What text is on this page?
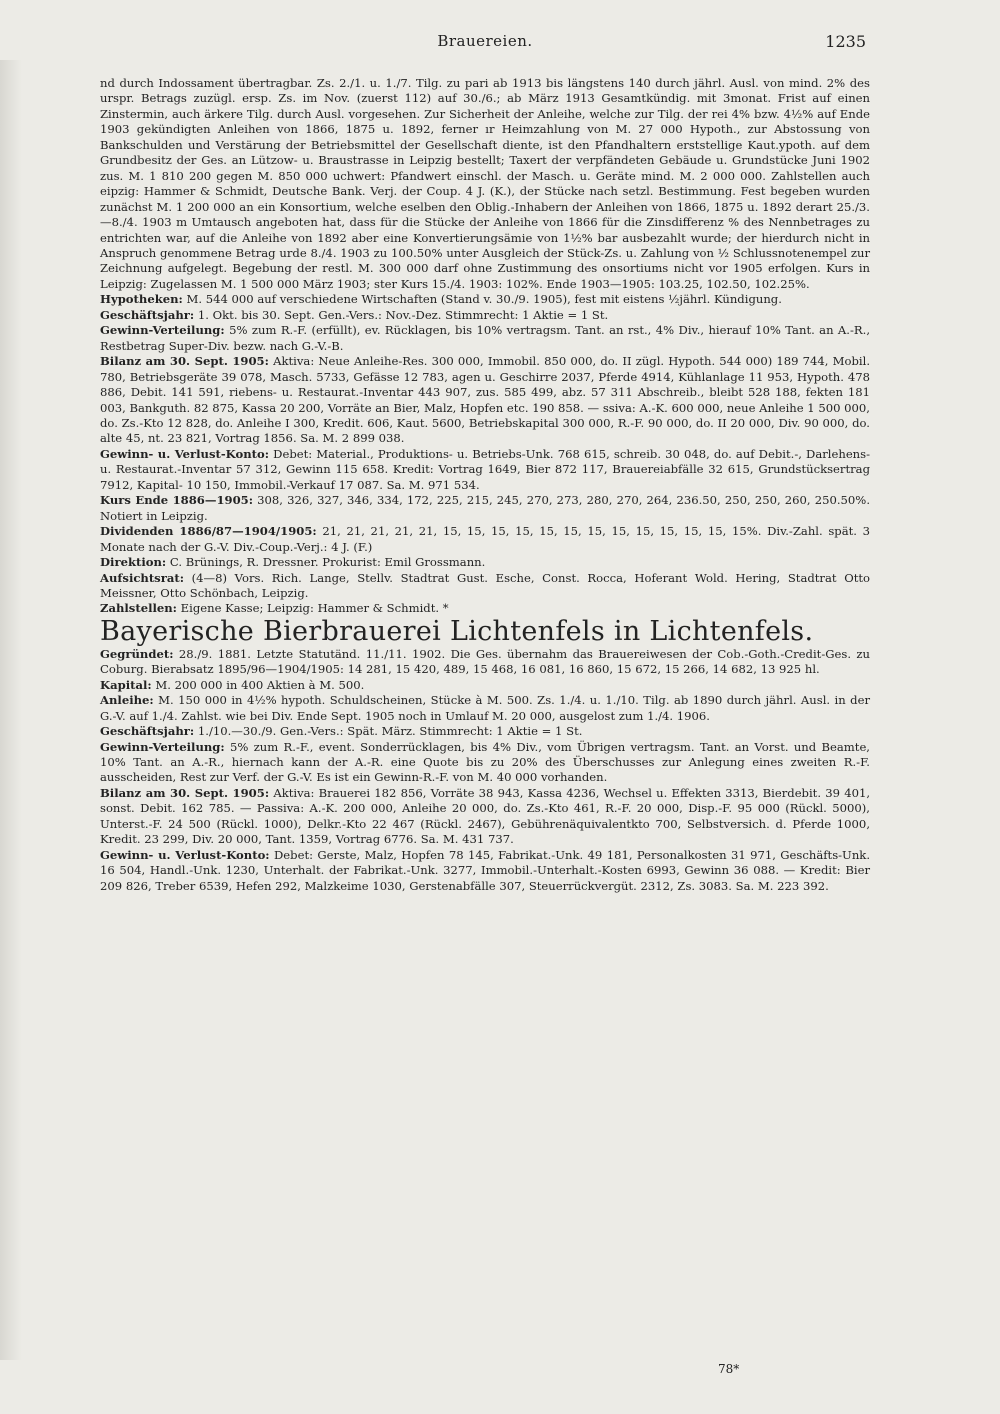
Brauereien.	1235

nd durch Indossament übertragbar. Zs. 2./1. u. 1./7. Tilg. zu pari ab 1913 bis längstens 140 durch jährl. Ausl. von mind. 2% des urspr. Betrags zuzügl. ersp. Zs. im Nov. (zuerst 112) auf 30./6.; ab März 1913 Gesamtkündig. mit 3monat. Frist auf einen Zinstermin, auch ärkere Tilg. durch Ausl. vorgesehen. Zur Sicherheit der Anleihe, welche zur Tilg. der rei 4% bzw. 4½% auf Ende 1903 gekündigten Anleihen von 1866, 1875 u. 1892, ferner ır Heimzahlung von M. 27 000 Hypoth., zur Abstossung von Bankschulden und Verstärung der Betriebsmittel der Gesellschaft diente, ist den Pfandhaltern erststellige Kaut.ypoth. auf dem Grundbesitz der Ges. an Lützow- u. Braustrasse in Leipzig bestellt; Taxert der verpfändeten Gebäude u. Grundstücke Juni 1902 zus. M. 1 810 200 gegen M. 850 000 uchwert: Pfandwert einschl. der Masch. u. Geräte mind. M. 2 000 000. Zahlstellen auch eipzig: Hammer & Schmidt, Deutsche Bank. Verj. der Coup. 4 J. (K.), der Stücke nach setzl. Bestimmung. Fest begeben wurden zunächst M. 1 200 000 an ein Konsortium, welche eselben den Oblig.-Inhabern der Anleihen von 1866, 1875 u. 1892 derart 25./3.—8./4. 1903 m Umtausch angeboten hat, dass für die Stücke der Anleihe von 1866 für die Zinsdifferenz % des Nennbetrages zu entrichten war, auf die Anleihe von 1892 aber eine Konvertierungsämie von 1½% bar ausbezahlt wurde; der hierdurch nicht in Anspruch genommene Betrag urde 8./4. 1903 zu 100.50% unter Ausgleich der Stück-Zs. u. Zahlung von ½ Schlussnotenempel zur Zeichnung aufgelegt. Begebung der restl. M. 300 000 darf ohne Zustimmung des onsortiums nicht vor 1905 erfolgen. Kurs in Leipzig: Zugelassen M. 1 500 000 März 1903; ster Kurs 15./4. 1903: 102%. Ende 1903—1905: 103.25, 102.50, 102.25%.

Hypotheken: M. 544 000 auf verschiedene Wirtschaften (Stand v. 30./9. 1905), fest mit eistens ½jährl. Kündigung.

Geschäftsjahr: 1. Okt. bis 30. Sept. Gen.-Vers.: Nov.-Dez. Stimmrecht: 1 Aktie = 1 St.

Gewinn-Verteilung: 5% zum R.-F. (erfüllt), ev. Rücklagen, bis 10% vertragsm. Tant. an rst., 4% Div., hierauf 10% Tant. an A.-R., Restbetrag Super-Div. bezw. nach G.-V.-B.

Bilanz am 30. Sept. 1905: Aktiva: Neue Anleihe-Res. 300 000, Immobil. 850 000, do. II zügl. Hypoth. 544 000) 189 744, Mobil. 780, Betriebsgeräte 39 078, Masch. 5733, Gefässe 12 783, agen u. Geschirre 2037, Pferde 4914, Kühlanlage 11 953, Hypoth. 478 886, Debit. 141 591, riebens- u. Restaurat.-Inventar 443 907, zus. 585 499, abz. 57 311 Abschreib., bleibt 528 188, fekten 181 003, Bankguth. 82 875, Kassa 20 200, Vorräte an Bier, Malz, Hopfen etc. 190 858. — ssiva: A.-K. 600 000, neue Anleihe 1 500 000, do. Zs.-Kto 12 828, do. Anleihe I 300, Kredit. 606, Kaut. 5600, Betriebskapital 300 000, R.-F. 90 000, do. II 20 000, Div. 90 000, do. alte 45, nt. 23 821, Vortrag 1856. Sa. M. 2 899 038.

Gewinn- u. Verlust-Konto: Debet: Material., Produktions- u. Betriebs-Unk. 768 615, schreib. 30 048, do. auf Debit.-, Darlehens- u. Restaurat.-Inventar 57 312, Gewinn 115 658. Kredit: Vortrag 1649, Bier 872 117, Brauereiabfälle 32 615, Grundstücksertrag 7912, Kapital- 10 150, Immobil.-Verkauf 17 087. Sa. M. 971 534.

Kurs Ende 1886—1905: 308, 326, 327, 346, 334, 172, 225, 215, 245, 270, 273, 280, 270, 264, 236.50, 250, 250, 260, 250.50%. Notiert in Leipzig.

Dividenden 1886/87—1904/1905: 21, 21, 21, 21, 21, 15, 15, 15, 15, 15, 15, 15, 15, 15, 15, 15, 15, 15%. Div.-Zahl. spät. 3 Monate nach der G.-V. Div.-Coup.-Verj.: 4 J. (F.)

Direktion: C. Brünings, R. Dressner. Prokurist: Emil Grossmann.

Aufsichtsrat: (4—8) Vors. Rich. Lange, Stellv. Stadtrat Gust. Esche, Const. Rocca, Hoferant Wold. Hering, Stadtrat Otto Meissner, Otto Schönbach, Leipzig.

Zahlstellen: Eigene Kasse; Leipzig: Hammer & Schmidt. *

Bayerische Bierbrauerei Lichtenfels in Lichtenfels.

Gegründet: 28./9. 1881. Letzte Statutänd. 11./11. 1902. Die Ges. übernahm das Brauereiwesen der Cob.-Goth.-Credit-Ges. zu Coburg. Bierabsatz 1895/96—1904/1905: 14 281, 15 420, 489, 15 468, 16 081, 16 860, 15 672, 15 266, 14 682, 13 925 hl.

Kapital: M. 200 000 in 400 Aktien à M. 500.

Anleihe: M. 150 000 in 4½% hypoth. Schuldscheinen, Stücke à M. 500. Zs. 1./4. u. 1./10. Tilg. ab 1890 durch jährl. Ausl. in der G.-V. auf 1./4. Zahlst. wie bei Div. Ende Sept. 1905 noch in Umlauf M. 20 000, ausgelost zum 1./4. 1906.

Geschäftsjahr: 1./10.—30./9. Gen.-Vers.: Spät. März. Stimmrecht: 1 Aktie = 1 St.

Gewinn-Verteilung: 5% zum R.-F., event. Sonderrücklagen, bis 4% Div., vom Übrigen vertragsm. Tant. an Vorst. und Beamte, 10% Tant. an A.-R., hiernach kann der A.-R. eine Quote bis zu 20% des Überschusses zur Anlegung eines zweiten R.-F. ausscheiden, Rest zur Verf. der G.-V. Es ist ein Gewinn-R.-F. von M. 40 000 vorhanden.

Bilanz am 30. Sept. 1905: Aktiva: Brauerei 182 856, Vorräte 38 943, Kassa 4236, Wechsel u. Effekten 3313, Bierdebit. 39 401, sonst. Debit. 162 785. — Passiva: A.-K. 200 000, Anleihe 20 000, do. Zs.-Kto 461, R.-F. 20 000, Disp.-F. 95 000 (Rückl. 5000), Unterst.-F. 24 500 (Rückl. 1000), Delkr.-Kto 22 467 (Rückl. 2467), Gebührenäquivalentkto 700, Selbstversich. d. Pferde 1000, Kredit. 23 299, Div. 20 000, Tant. 1359, Vortrag 6776. Sa. M. 431 737.

Gewinn- u. Verlust-Konto: Debet: Gerste, Malz, Hopfen 78 145, Fabrikat.-Unk. 49 181, Personalkosten 31 971, Geschäfts-Unk. 16 504, Handl.-Unk. 1230, Unterhalt. der Fabrikat.-Unk. 3277, Immobil.-Unterhalt.-Kosten 6993, Gewinn 36 088. — Kredit: Bier 209 826, Treber 6539, Hefen 292, Malzkeime 1030, Gerstenabfälle 307, Steuerrückvergüt. 2312, Zs. 3083. Sa. M. 223 392.

78*
